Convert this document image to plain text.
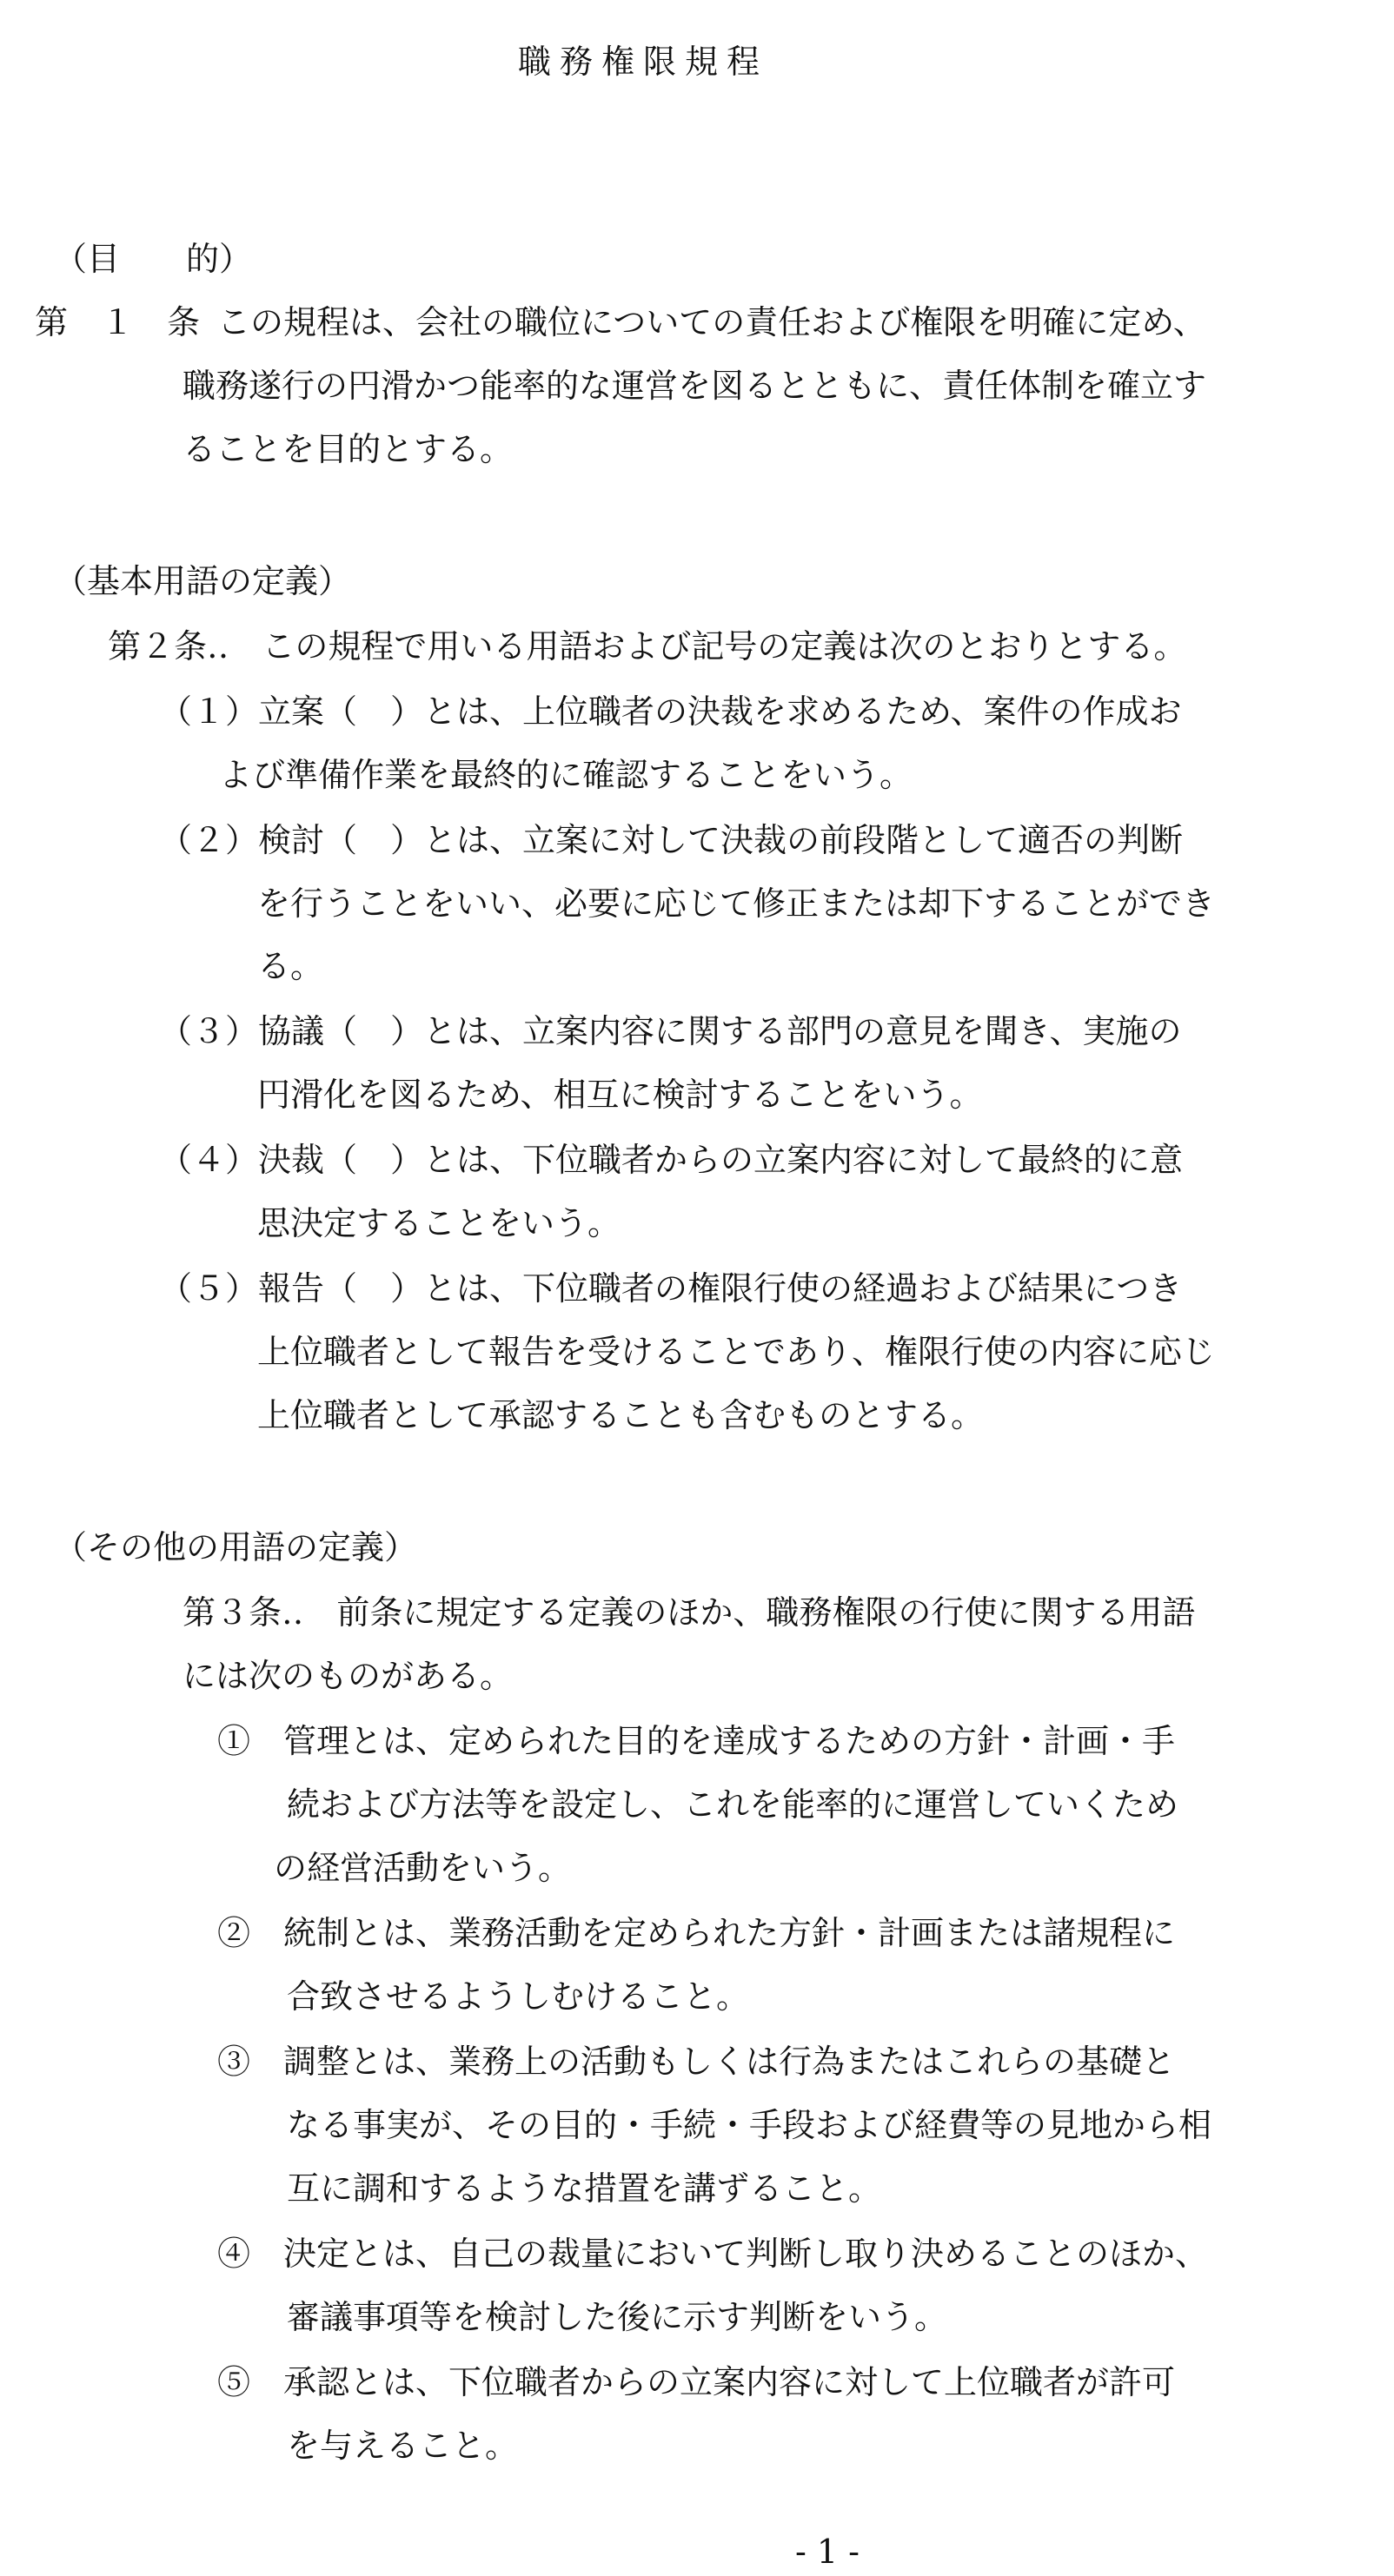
職務権限規程
（目　　的）
第　１　条 この規程は、会社の職位についての責任および権限を明確に定め、
職務遂行の円滑かつ能率的な運営を図るとともに、責任体制を確立す
ることを目的とする。
（基本用語の定義）
第２条‥　この規程で用いる用語および記号の定義は次のとおりとする。
（１）立案（　）とは、上位職者の決裁を求めるため、案件の作成お
よび準備作業を最終的に確認することをいう。
（２）検討（　）とは、立案に対して決裁の前段階として適否の判断
を行うことをいい、必要に応じて修正または却下することができ
る。
（３）協議（　）とは、立案内容に関する部門の意見を聞き、実施の
円滑化を図るため、相互に検討することをいう。
（４）決裁（　）とは、下位職者からの立案内容に対して最終的に意
思決定することをいう。
（５）報告（　）とは、下位職者の権限行使の経過および結果につき
上位職者として報告を受けることであり、権限行使の内容に応じ
上位職者として承認することも含むものとする。
（その他の用語の定義）
第３条‥　前条に規定する定義のほか、職務権限の行使に関する用語
には次のものがある。
①　管理とは、定められた目的を達成するための方針・計画・手
続および方法等を設定し、これを能率的に運営していくため
の経営活動をいう。
②　統制とは、業務活動を定められた方針・計画または諸規程に
合致させるようしむけること。
③　調整とは、業務上の活動もしくは行為またはこれらの基礎と
なる事実が、その目的・手続・手段および経費等の見地から相
互に調和するような措置を講ずること。
④　決定とは、自己の裁量において判断し取り決めることのほか、
審議事項等を検討した後に示す判断をいう。
⑤　承認とは、下位職者からの立案内容に対して上位職者が許可
を与えること。
- 1 -
